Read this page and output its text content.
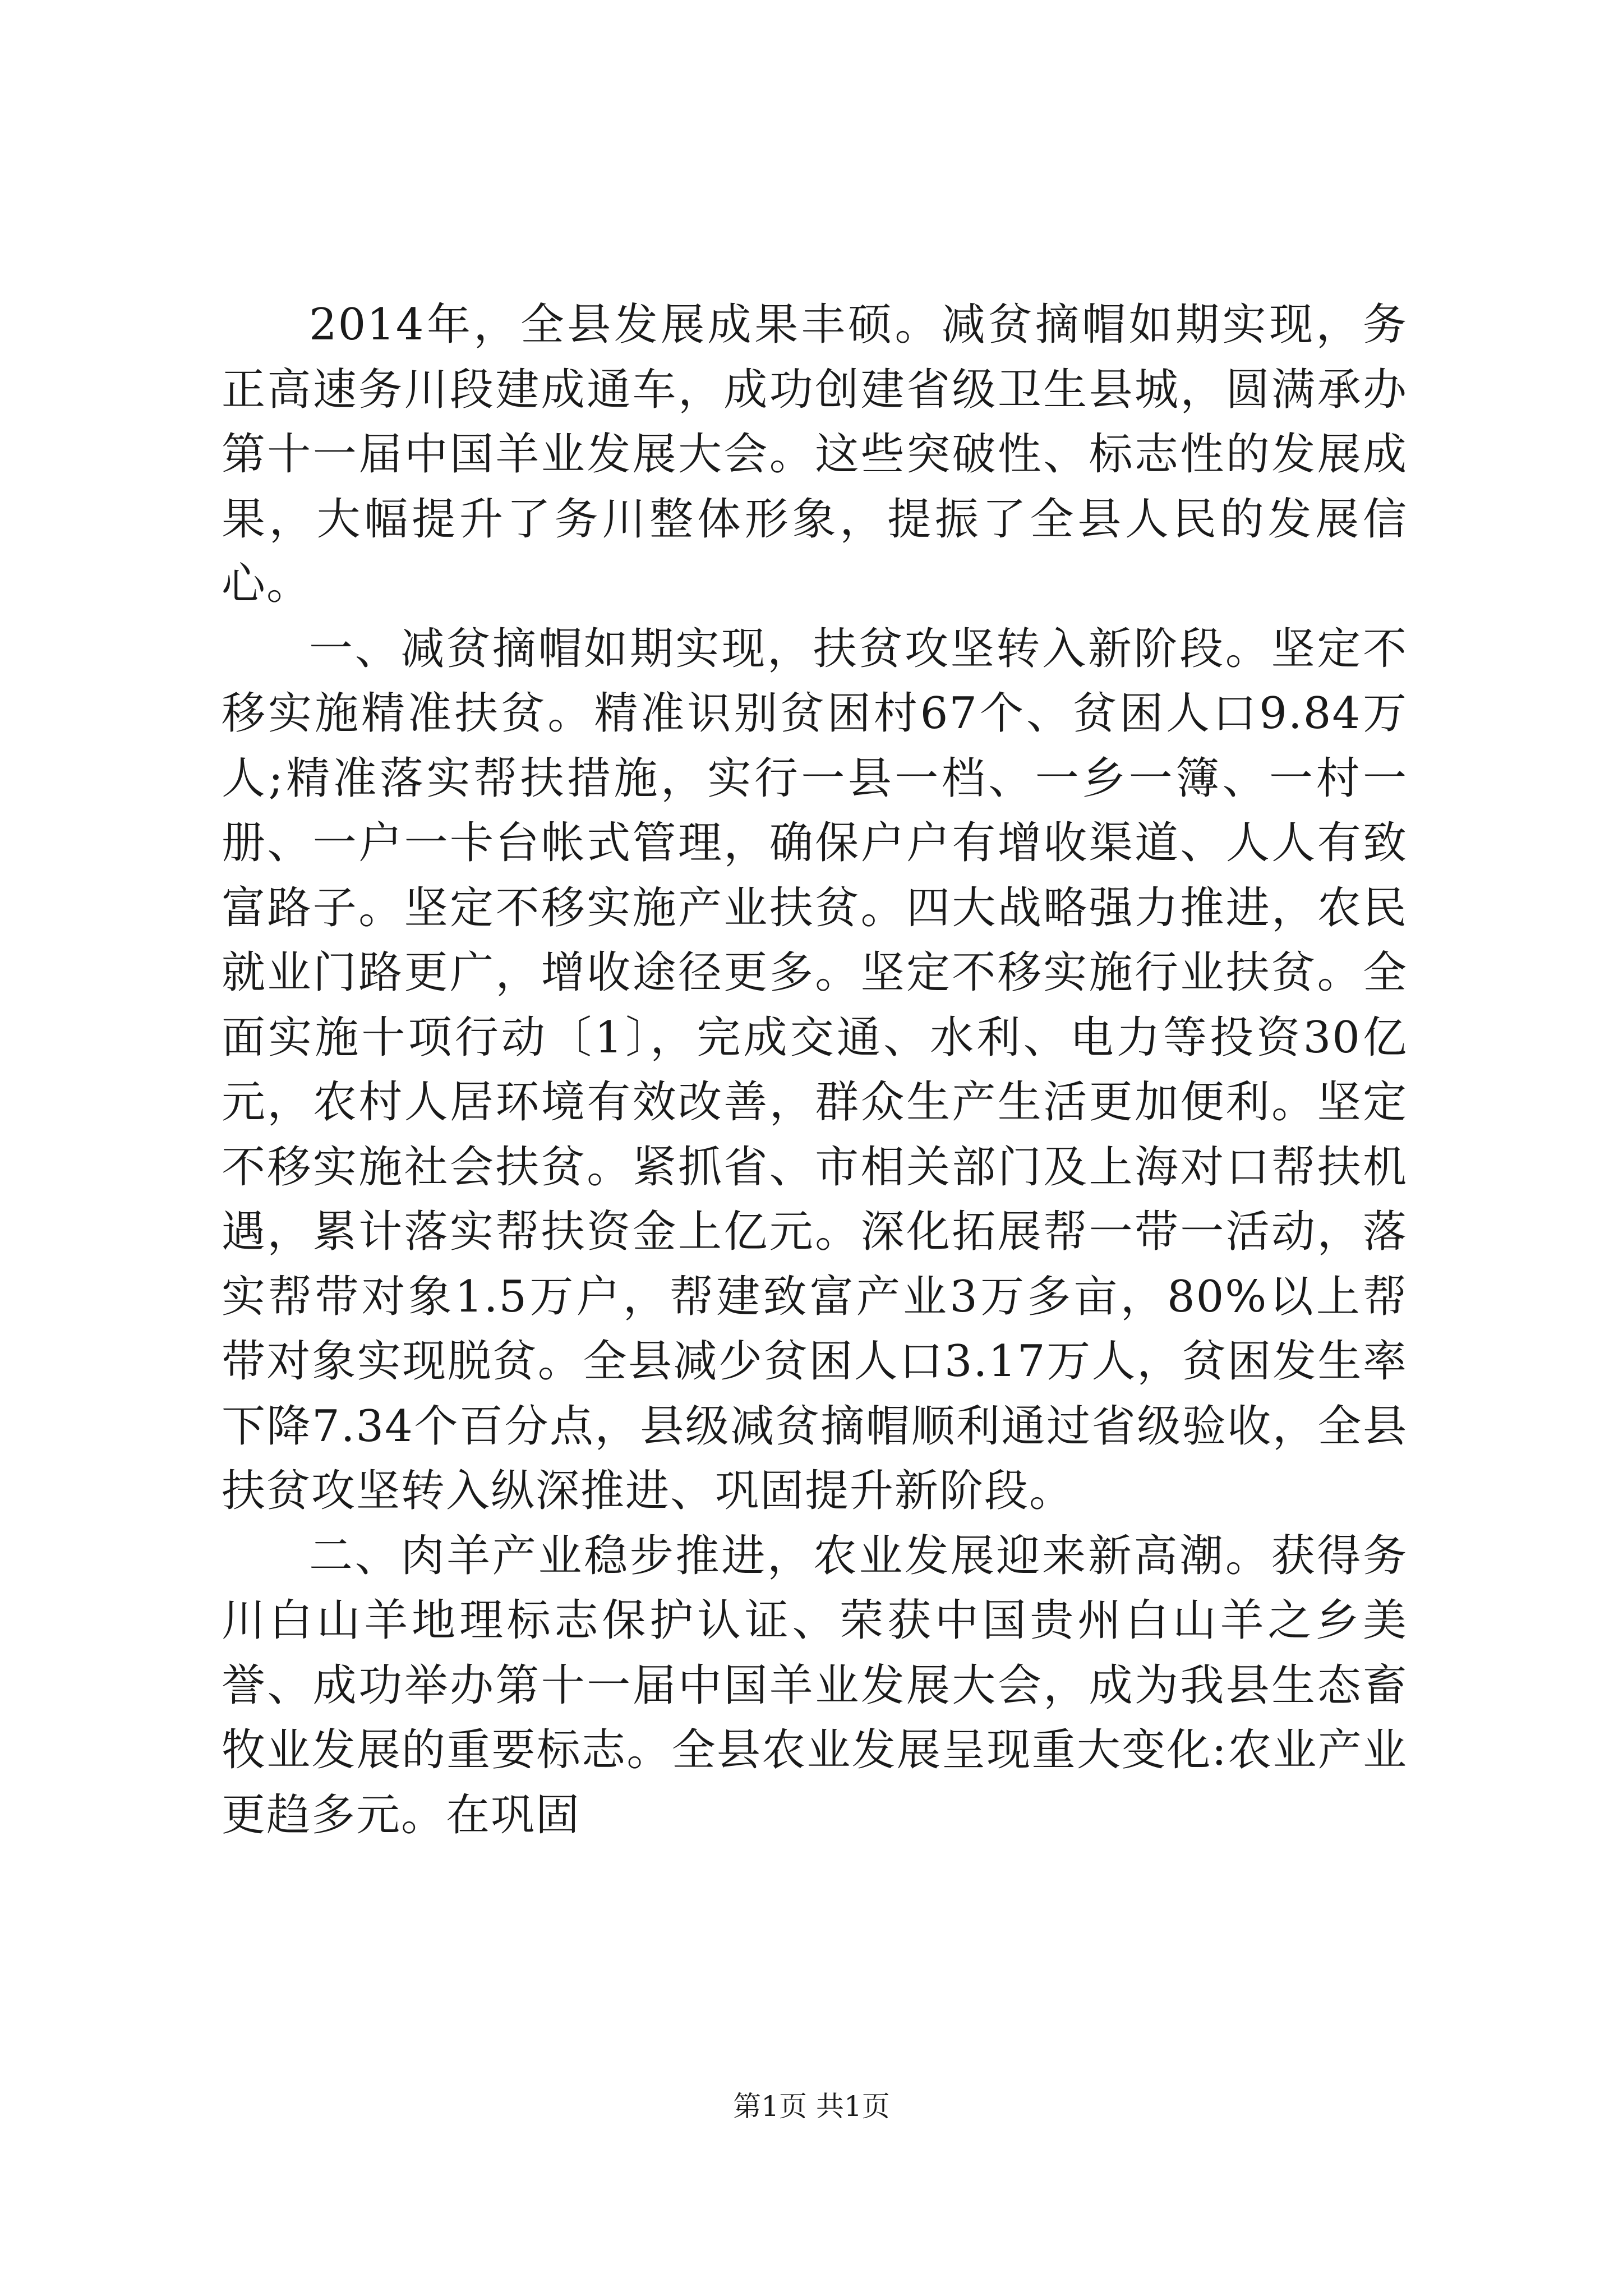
2014年，全县发展成果丰硕。减贫摘帽如期实现，务正高速务川段建成通车，成功创建省级卫生县城，圆满承办第十一届中国羊业发展大会。这些突破性、标志性的发展成果，大幅提升了务川整体形象，提振了全县人民的发展信心。

一、减贫摘帽如期实现，扶贫攻坚转入新阶段。坚定不移实施精准扶贫。精准识别贫困村67个、贫困人口9.84万人;精准落实帮扶措施，实行一县一档、一乡一簿、一村一册、一户一卡台帐式管理，确保户户有增收渠道、人人有致富路子。坚定不移实施产业扶贫。四大战略强力推进，农民就业门路更广，增收途径更多。坚定不移实施行业扶贫。全面实施十项行动〔1〕，完成交通、水利、电力等投资30亿元，农村人居环境有效改善，群众生产生活更加便利。坚定不移实施社会扶贫。紧抓省、市相关部门及上海对口帮扶机遇，累计落实帮扶资金上亿元。深化拓展帮一带一活动，落实帮带对象1.5万户，帮建致富产业3万多亩，80%以上帮带对象实现脱贫。全县减少贫困人口3.17万人，贫困发生率下降7.34个百分点，县级减贫摘帽顺利通过省级验收，全县扶贫攻坚转入纵深推进、巩固提升新阶段。

二、肉羊产业稳步推进，农业发展迎来新高潮。获得务川白山羊地理标志保护认证、荣获中国贵州白山羊之乡美誉、成功举办第十一届中国羊业发展大会，成为我县生态畜牧业发展的重要标志。全县农业发展呈现重大变化:农业产业更趋多元。在巩固

第1页 共1页
